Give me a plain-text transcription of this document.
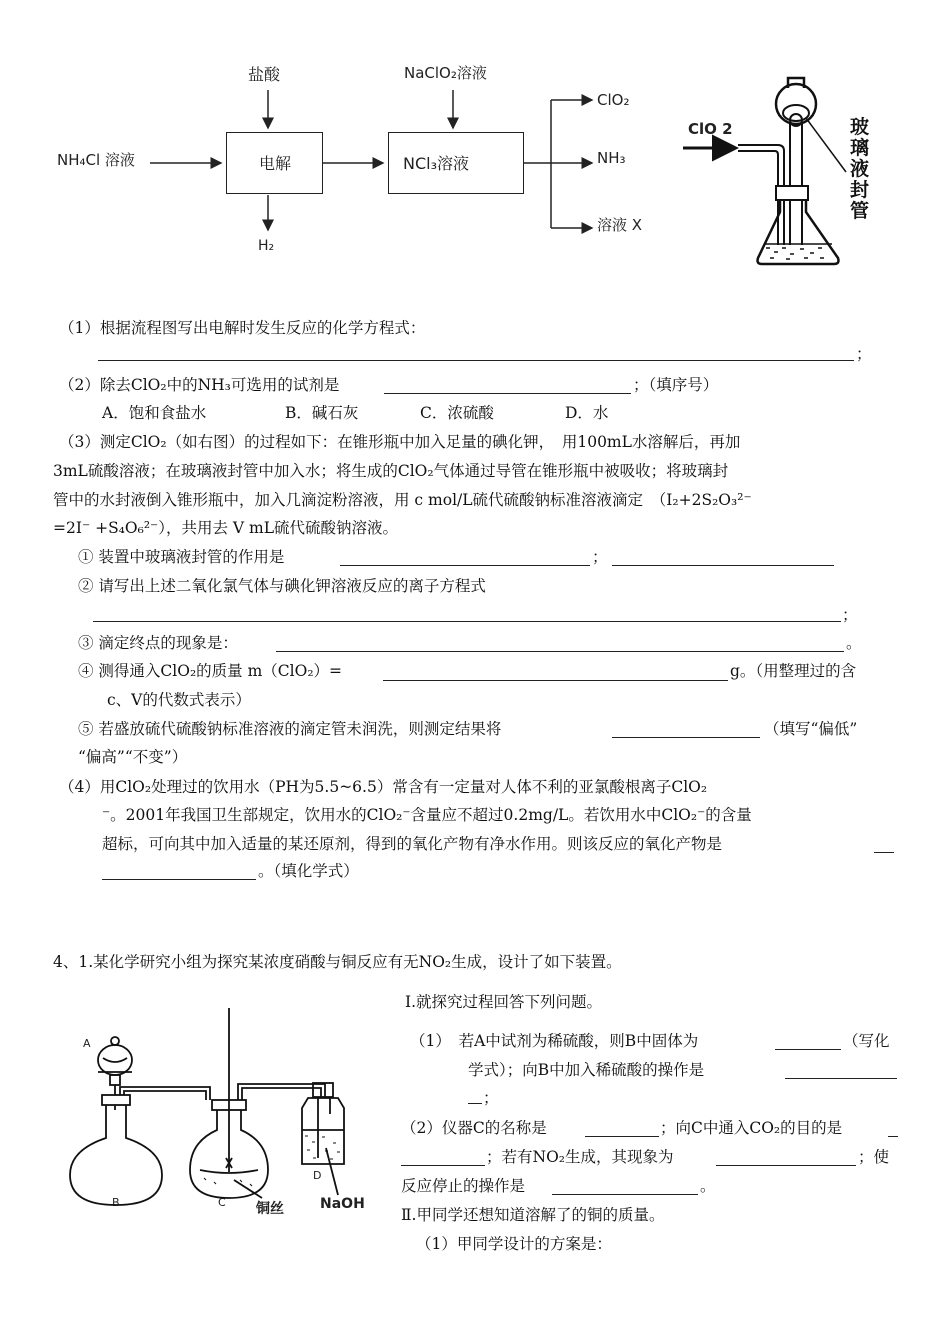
盐酸	NaClO₂溶液
NH₄Cl 溶液	电解	NCl₃溶液
H₂
ClO₂
NH₃
溶液 X
ClO 2	玻
璃
液
封
管
（1）根据流程图写出电解时发生反应的化学方程式：
；
（2）除去ClO₂中的NH₃可选用的试剂是	；（填序号）
A．饱和食盐水	B．碱石灰	C．浓硫酸	D．水
（3）测定ClO₂（如右图）的过程如下：在锥形瓶中加入足量的碘化钾，　用100mL水溶解后，再加
3mL硫酸溶液；在玻璃液封管中加入水；将生成的ClO₂气体通过导管在锥形瓶中被吸收；将玻璃封
管中的水封液倒入锥形瓶中，加入几滴淀粉溶液，用 c mol/L硫代硫酸钠标准溶液滴定　（I₂+2S₂O₃²⁻
=2I⁻ +S₄O₆²⁻），共用去 V mL硫代硫酸钠溶液。
① 装置中玻璃液封管的作用是	；
② 请写出上述二氧化氯气体与碘化钾溶液反应的离子方程式
；
③ 滴定终点的现象是：	。
④ 测得通入ClO₂的质量 m（ClO₂）=	g。（用整理过的含
c、V的代数式表示）
⑤ 若盛放硫代硫酸钠标准溶液的滴定管未润洗，则测定结果将	（填写“偏低”
“偏高”“不变”）
（4）用ClO₂处理过的饮用水（PH为5.5~6.5）常含有一定量对人体不利的亚氯酸根离子ClO₂
⁻。2001年我国卫生部规定，饮用水的ClO₂⁻含量应不超过0.2mg/L。若饮用水中ClO₂⁻的含量
超标，可向其中加入适量的某还原剂，得到的氧化产物有净水作用。则该反应的氧化产物是
。（填化学式）
4、1.某化学研究小组为探究某浓度硝酸与铜反应有无NO₂生成，设计了如下装置。
Ⅰ.就探究过程回答下列问题。
（1）　若A中试剂为稀硫酸，则B中固体为	（写化
学式）；向B中加入稀硫酸的操作是
；
（2）仪器C的名称是	；向C中通入CO₂的目的是
；若有NO₂生成，其现象为	；使
反应停止的操作是	。
Ⅱ.甲同学还想知道溶解了的铜的质量。
（1）甲同学设计的方案是：
A
B	C
D
铜丝	NaOH
